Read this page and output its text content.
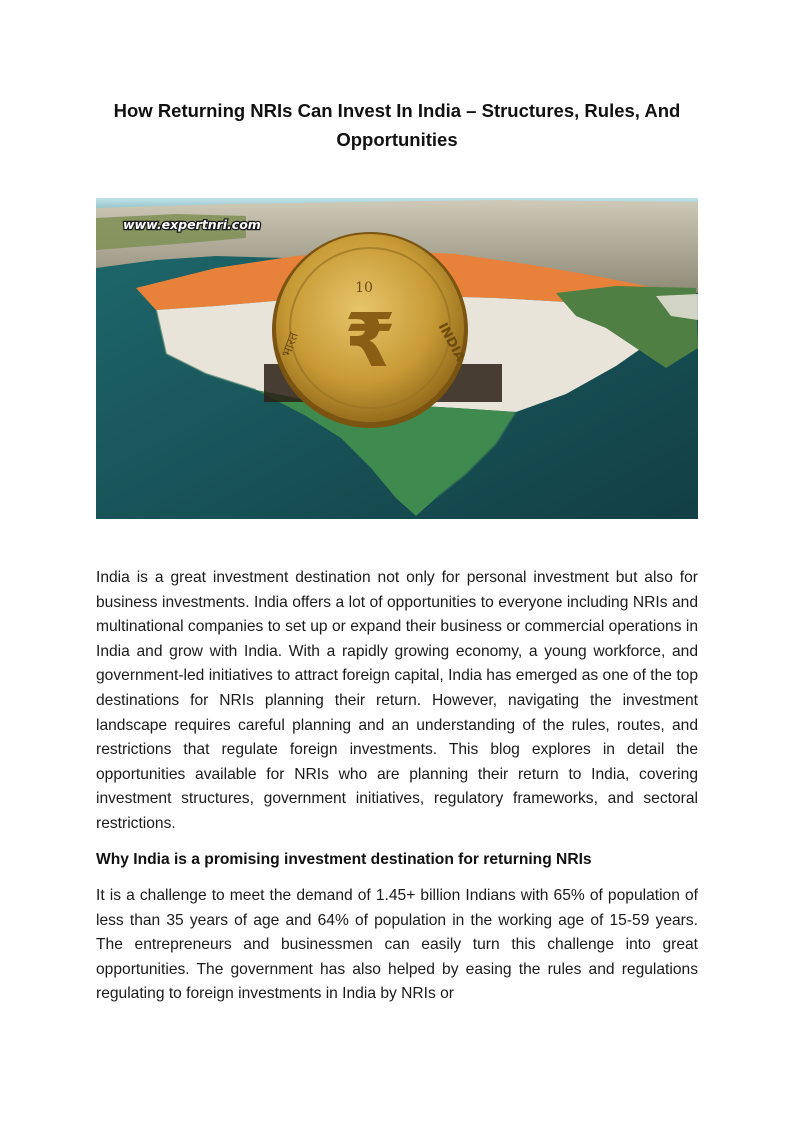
How Returning NRIs Can Invest In India – Structures, Rules, And Opportunities
10
₹	INDIA
भारत
www.expertnri.com

India is a great investment destination not only for personal investment but also for business investments. India offers a lot of opportunities to everyone including NRIs and multinational companies to set up or expand their business or commercial operations in India and grow with India. With a rapidly growing economy, a young workforce, and government-led initiatives to attract foreign capital, India has emerged as one of the top destinations for NRIs planning their return. However, navigating the investment landscape requires careful planning and an understanding of the rules, routes, and restrictions that regulate foreign investments. This blog explores in detail the opportunities available for NRIs who are planning their return to India, covering investment structures, government initiatives, regulatory frameworks, and sectoral restrictions.

Why India is a promising investment destination for returning NRIs

It is a challenge to meet the demand of 1.45+ billion Indians with 65% of population of less than 35 years of age and 64% of population in the working age of 15-59 years. The entrepreneurs and businessmen can easily turn this challenge into great opportunities. The government has also helped by easing the rules and regulations regulating to foreign investments in India by NRIs or
